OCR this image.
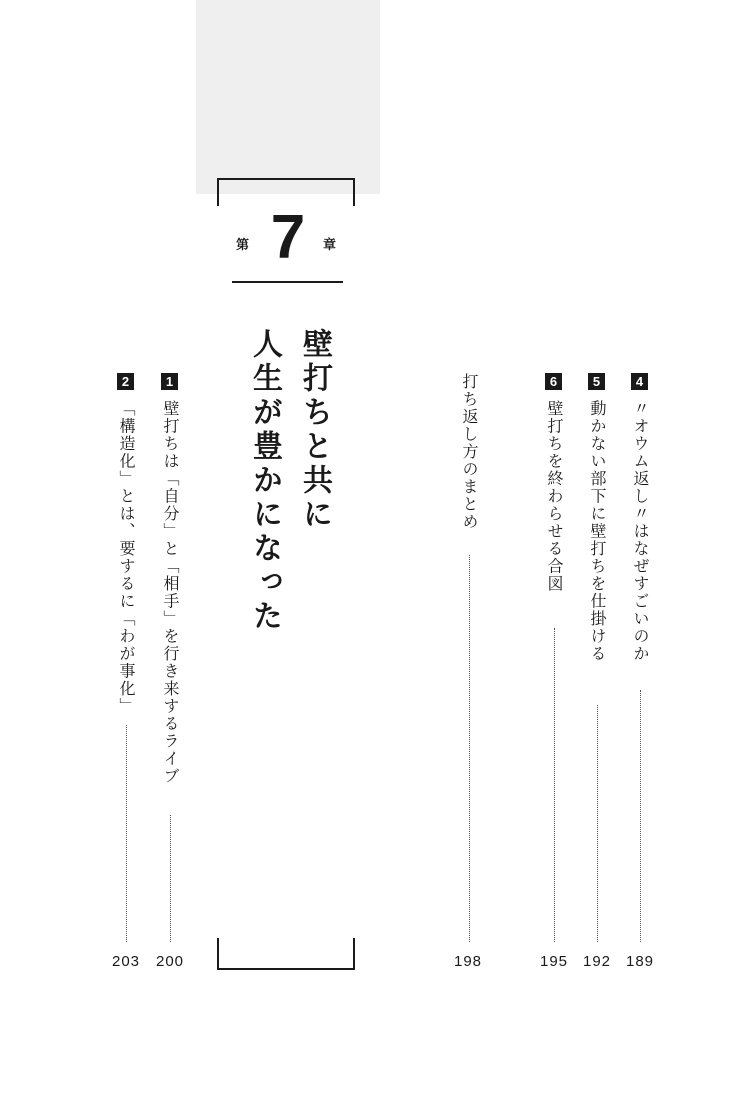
第 7	章
壁打ちと共に
人生が豊かになった	4
〃オウム返し〃はなぜすごいのか
189
5
動かない部下に壁打ちを仕掛ける
192
6
壁打ちを終わらせる合図
195
打ち返し方のまとめ
198
1
壁打ちは「自分」と「相手」を行き来するライブ
200
2
「構造化」とは、要するに「わが事化」
203
